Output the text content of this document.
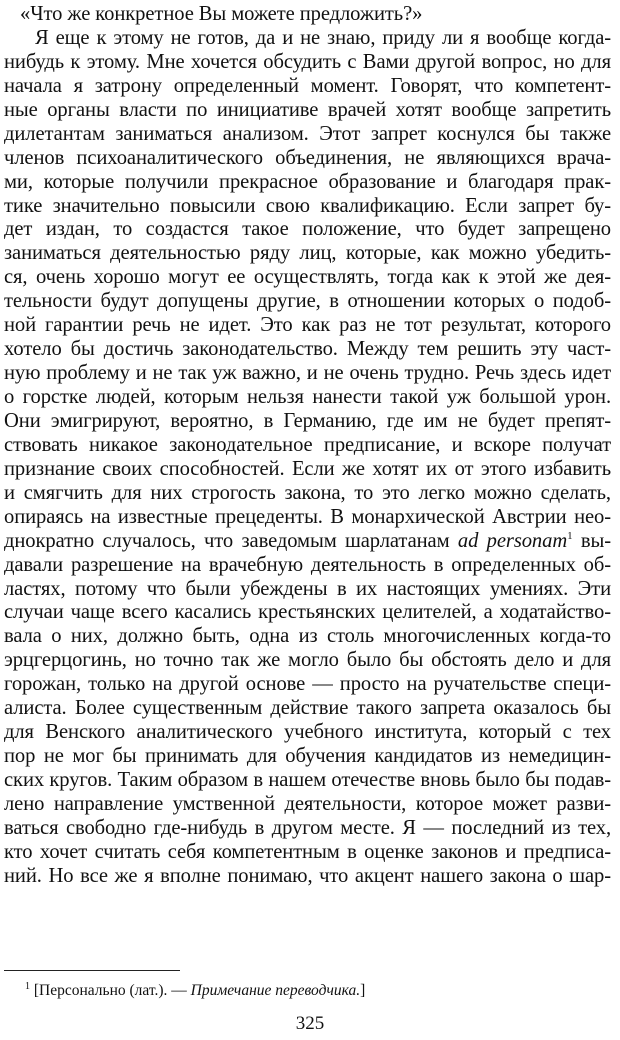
«Что же конкретное Вы можете предложить?»
Я еще к этому не готов, да и не знаю, приду ли я вообще когда-
нибудь к этому. Мне хочется обсудить с Вами другой вопрос, но для
начала я затрону определенный момент. Говорят, что компетент-
ные органы власти по инициативе врачей хотят вообще запретить
дилетантам заниматься анализом. Этот запрет коснулся бы также
членов психоаналитического объединения, не являющихся врача-
ми, которые получили прекрасное образование и благодаря прак-
тике значительно повысили свою квалификацию. Если запрет бу-
дет издан, то создастся такое положение, что будет запрещено
заниматься деятельностью ряду лиц, которые, как можно убедить-
ся, очень хорошо могут ее осуществлять, тогда как к этой же дея-
тельности будут допущены другие, в отношении которых о подоб-
ной гарантии речь не идет. Это как раз не тот результат, которого
хотело бы достичь законодательство. Между тем решить эту част-
ную проблему и не так уж важно, и не очень трудно. Речь здесь идет
о горстке людей, которым нельзя нанести такой уж большой урон.
Они эмигрируют, вероятно, в Германию, где им не будет препят-
ствовать никакое законодательное предписание, и вскоре получат
признание своих способностей. Если же хотят их от этого избавить
и смягчить для них строгость закона, то это легко можно сделать,
опираясь на известные прецеденты. В монархической Австрии нео-
днократно случалось, что заведомым шарлатанам ad personam$^1$ вы-
давали разрешение на врачебную деятельность в определенных об-
ластях, потому что были убеждены в их настоящих умениях. Эти
случаи чаще всего касались крестьянских целителей, а ходатайство-
вала о них, должно быть, одна из столь многочисленных когда-то
эрцгерцогинь, но точно так же могло было бы обстоять дело и для
горожан, только на другой основе — просто на ручательстве специ-
алиста. Более существенным действие такого запрета оказалось бы
для Венского аналитического учебного института, который с тех
пор не мог бы принимать для обучения кандидатов из немедицин-
ских кругов. Таким образом в нашем отечестве вновь было бы подав-
лено направление умственной деятельности, которое может разви-
ваться свободно где-нибудь в другом месте. Я — последний из тех,
кто хочет считать себя компетентным в оценке законов и предписа-
ний. Но все же я вполне понимаю, что акцент нашего закона о шар-
$^1$ [Персонально (лат.). — Примечание переводчика.]
325
